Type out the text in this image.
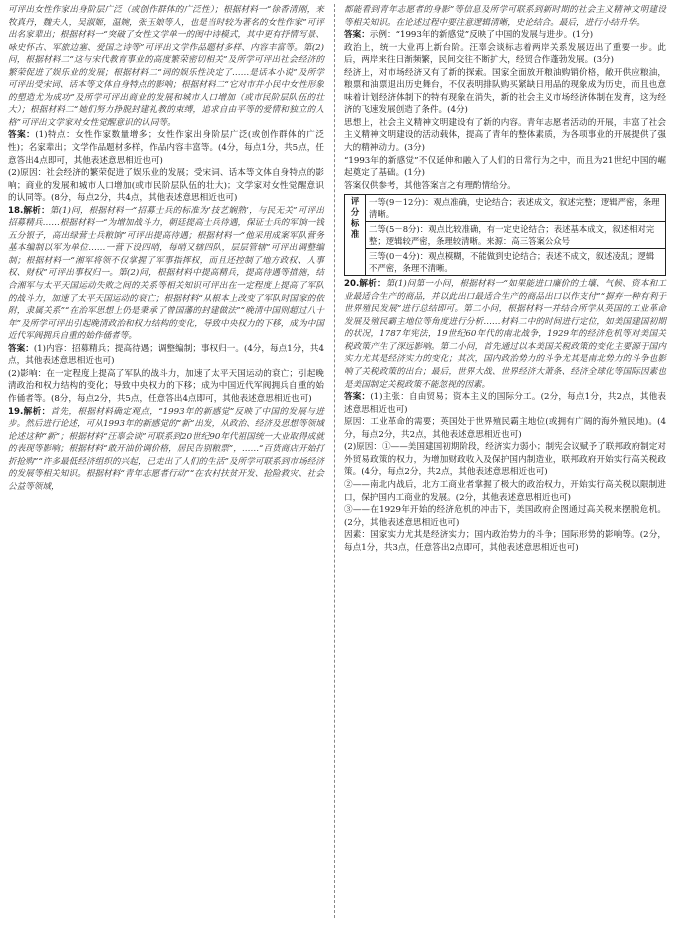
可评出女性作家出身阶层广泛（或创作群体的广泛性）；根据材料一“徐香清刚，来牧真丹，魏夫人，吴淑姬，温婉，张玉娘等人，也是当时较为著名的女性作家”可评出名家辈出；根据材料一“突破了女性文学单一的闺中诗模式，其中更有抒情写景、咏史怀古、军旅边塞、爱国之诗等”可评出文学作品题材多样、内容丰富等。第(2)问，根据材料二“这与宋代教育事业的高度繁荣密切相关”及所学可评出社会经济的繁荣促进了娱乐业的发展；根据材料二“词的娱乐性决定了……是话本小说”及所学可评出受宋词、话本等文体自身特点的影响；根据材料二“它对市井小民中女性形象的塑造尤为成功”及所学可评出商业的发展和城市人口增加（或市民阶层队伍的壮大）；根据材料二“她们努力挣脱封建礼教的束缚，追求自由平等的爱情和独立的人格”可评出文学家对女性觉醒意识的认同等。

答案：(1)特点：女性作家数量增多；女性作家出身阶层广泛(或创作群体的广泛性)；名家辈出；文学作品题材多样，作品内容丰富等。(4分，每点1分，共5点，任意答出4点即可，其他表述意思相近也可)

(2)原因：社会经济的繁荣促进了娱乐业的发展；受宋词、话本等文体自身特点的影响；商业的发展和城市人口增加(或市民阶层队伍的壮大)；文学家对女性觉醒意识的认同等。(8分，每点2分，共4点，其他表述意思相近也可)

18.解析：第(1)问，根据材料一“招募士兵的标准为‘技艺娴熟’，与民无关”可评出招募精兵……根据材料一“为增加战斗力，朝廷提高士兵待遇，保证士兵的军饷一钱五分银子，高出绿营士兵粮饷”可评出提高待遇；根据材料一“他采用成案军队营务基本编制以军为单位……一营下设四哨，每哨又辖四队，层层管辖”可评出调整编制；根据材料一“湘军将领不仅掌握了军事指挥权，而且还控制了地方政权、人事权、财权”可评出事权归一。第(2)问，根据材料中提高精兵，提高待遇等措施，结合湘军与太平天国运动失败之间的关系等相关知识可评出在一定程度上提高了军队的战斗力，加速了太平天国运动的衰亡；根据材料“从根本上改变了军队时国家的依附，隶属关系”“在治军思想上仍是秉承了曾国藩的封建做法”“晚清中国则超过八十年”及所学可评出引起晚清政治和权力结构的变化，导致中央权力的下移，成为中国近代军阀拥兵自重的始作俑者等。

答案：(1)内容：招募精兵；提高待遇；调整编制；事权归一。(4分，每点1分，共4点，其他表述意思相近也可)

(2)影响：在一定程度上提高了军队的战斗力，加速了太平天国运动的衰亡；引起晚清政治和权力结构的变化；导致中央权力的下移；成为中国近代军阀拥兵自重的始作俑者等。(8分，每点2分，共5点，任意答出4点即可，其他表述意思相近也可)

19.解析：首先，根据材料确定观点，“1993年的新感觉”反映了中国的发展与进步。然后进行论述，可从1993年的新感觉的“新”出发，从政治、经济及思想等领域论述这种“新”；根据材料“汪辜会谈”可联系到20世纪90年代祖国统一大业取得成就的表现等影响；根据材料“敢开油价调价格，居民告别粮票”，……“百货商店开始打折抢购”“许多最低经济组织的兴起，已走出了人们的生活”及所学可联系到市场经济的发展等相关知识。根据材料“青年志愿者行动”“在农村扶贫开发、抢险救灾、社会公益等领域，

都能看到青年志愿者的身影”等信息及所学可联系到新时期的社会主义精神文明建设等相关知识。在论述过程中要注意逻辑清晰，史论结合。最后，进行小结升华。

答案：示例：“1993年的新感觉”反映了中国的发展与进步。(1分)

政治上，统一大业再上新台阶。汪辜会谈标志着两岸关系发展迈出了重要一步。此后，两岸来往日渐频繁，民间交往不断扩大，经贸合作蓬勃发展。(3分)

经济上，对市场经济又有了新的探索。国家全面放开粮油购销价格，敞开供应粮油，粮票和油票退出历史舞台，不仅表明排队购买紧缺日用品的现象成为历史，而且也意味着计划经济体制下的特有现象在消失，新的社会主义市场经济体制在发育，这为经济的飞速发展创造了条件。(4分)

思想上，社会主义精神文明建设有了新的内容。青年志愿者活动的开展，丰富了社会主义精神文明建设的活动载体，提高了青年的整体素质，为各项事业的开展提供了强大的精神动力。(3分)

“1993年的新感觉”不仅延伸和融入了人们的日常行为之中，而且为21世纪中国的崛起奠定了基础。(1分)

答案仅供参考，其他答案言之有理酌情给分。

评分标准	一等(9－12分)：观点准确，史论结合；表述成文，叙述完整；逻辑严密，条理清晰。
二等(5－8分)：观点比较准确，有一定史论结合；表述基本成文，叙述相对完整；逻辑较严密，条理较清晰。来源：高三答案公众号
三等(0－4分)：观点模糊，不能做到史论结合；表述不成文，叙述凌乱；逻辑不严密，条理不清晰。

20.解析：第(1)问第一小问，根据材料一“如果能进口廉价的土壤、气候、资本和工业最适合生产的商品，并以此出口最适合生产的商品出口以作支付”“摒弃一种有利于世界殖民发展”进行总结即可。第二小问，根据材料一并结合所学从英国的工业革命发展及殖民霸主地位等角度进行分析……材料二中的时间进行定位，如美国建国初期的状况，1787年宪法，19世纪60年代的南北战争，1929年的经济危机等对美国关税政策产生了深远影响。第二小问，首先通过以本美国关税政策的变化主要源于国内实力尤其是经济实力的变化；其次，国内政治势力的斗争尤其是南北势力的斗争也影响了关税政策的出台；最后，世界大战、世界经济大萧条、经济全球化等国际因素也是美国制定关税政策不能忽视的因素。

答案：(1)主张：自由贸易；资本主义的国际分工。(2分，每点1分，共2点，其他表述意思相近也可)

原因：工业革命的需要；英国处于世界殖民霸主地位(或拥有广阔的海外殖民地)。(4分，每点2分，共2点，其他表述意思相近也可)

(2)原因：①——美国建国初期阶段，经济实力弱小；制宪会议赋予了联邦政府制定对外贸易政策的权力，为增加财政收入及保护国内制造业，联邦政府开始实行高关税政策。(4分，每点2分，共2点，其他表述意思相近也可)

②——南北内战后，北方工商业者掌握了极大的政治权力，开始实行高关税以限制进口，保护国内工商业的发展。(2分，其他表述意思相近也可)

③——在1929年开始的经济危机的冲击下，美国政府企图通过高关税来摆脱危机。(2分，其他表述意思相近也可)

因素：国家实力尤其是经济实力；国内政治势力的斗争；国际形势的影响等。(2分，每点1分，共3点，任意答出2点即可，其他表述意思相近也可)
